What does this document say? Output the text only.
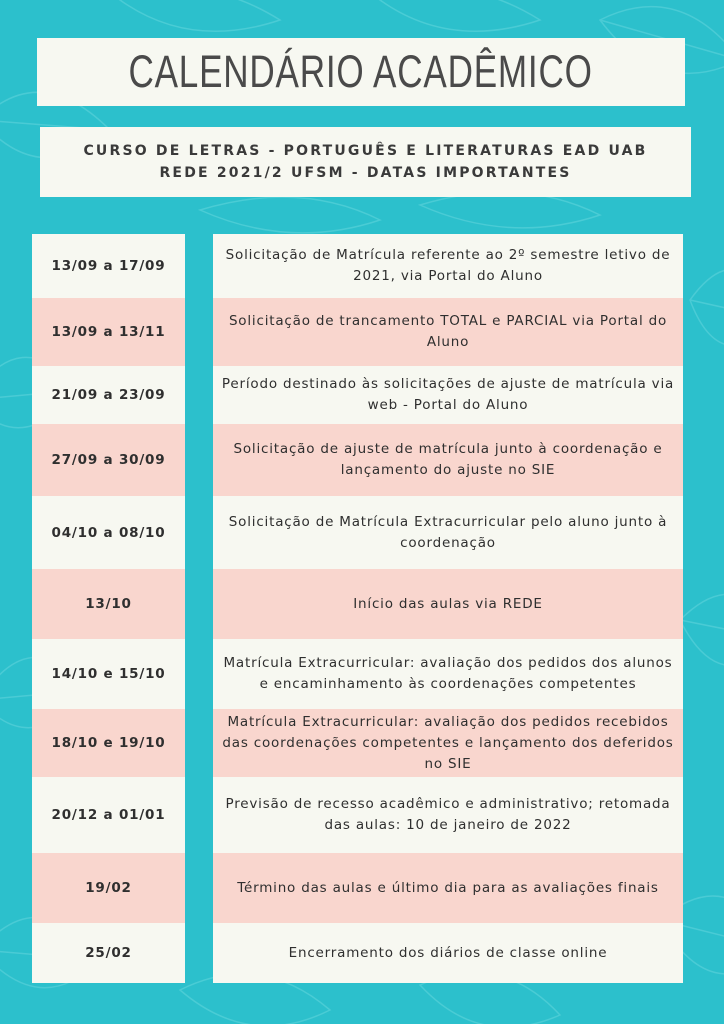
CALENDÁRIO ACADÊMICO
CURSO DE LETRAS - PORTUGUÊS E LITERATURAS EAD UAB
REDE 2021/2 UFSM - DATAS IMPORTANTES
13/09 a 17/09
13/09 a 13/11
21/09 a 23/09
27/09 a 30/09
04/10 a 08/10
13/10
14/10 e 15/10
18/10 e 19/10
20/12 a 01/01
19/02
25/02
Solicitação de Matrícula referente ao 2º semestre letivo de 2021, via Portal do Aluno
Solicitação de trancamento TOTAL e PARCIAL via Portal do Aluno
Período destinado às solicitações de ajuste de matrícula via web - Portal do Aluno
Solicitação de ajuste de matrícula junto à coordenação e lançamento do ajuste no SIE
Solicitação de Matrícula Extracurricular pelo aluno junto à coordenação
Início das aulas via REDE
Matrícula Extracurricular: avaliação dos pedidos dos alunos e encaminhamento às coordenações competentes
Matrícula Extracurricular: avaliação dos pedidos recebidos das coordenações competentes e lançamento dos deferidos no SIE
Previsão de recesso acadêmico e administrativo; retomada das aulas: 10 de janeiro de 2022
Término das aulas e último dia para as avaliações finais
Encerramento dos diários de classe online
